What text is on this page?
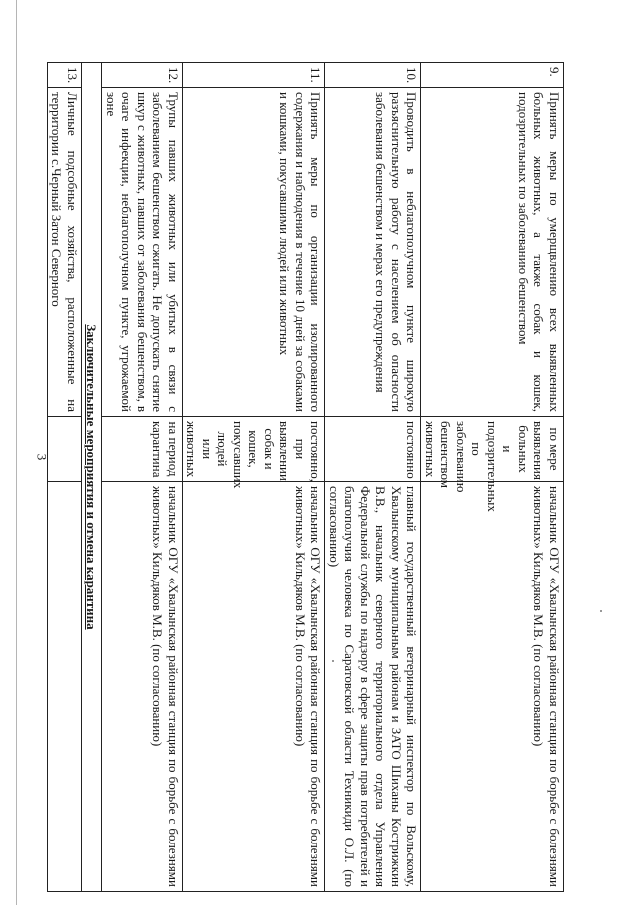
3
9.	Принять меры по умерщвлению всех выявленных больных животных, а также собак и кошек, подозрительных по заболеванию бешенством	по мере выявления больных и подозрительных по заболеванию бешенством животных	начальник ОГУ «Хвалынская районная станция по борьбе с болезнями животных» Кильдяков М.В. (по согласованию)
10.	Проводить в неблагополучном пункте широкую разъяснительную работу с населением об опасности заболевания бешенством и мерах его предупреждения	постоянно	главный государственный ветеринарный инспектор по Вольскому, Хвалынскому муниципальным районам и ЗАТО Шиханы Кострижкин В.В., начальник северного территориального отдела Управления Федеральной службы по надзору в сфере защиты прав потребителей и благополучия человека по Саратовской области Техникиди О.Л. (по согласованию)
11.	Принять меры по организации изолированного содержания и наблюдения в течение 10 дней за собаками и кошками, покусавшими людей или животных	постоянно, при выявлении собак и кошек, покусавших людей или животных	начальник ОГУ «Хвалынская районная станция по борьбе с болезнями животных» Кильдяков М.В. (по согласованию)
12.	Трупы павших животных или убитых в связи с заболеванием бешенством сжигать. Не допускать снятие шкур с животных, павших от заболевания бешенством, в очаге инфекции, неблагополучном пункте, угрожаемой зоне	на период карантина	начальник ОГУ «Хвалынская районная станция по борьбе с болезнями животных» Кильдяков М.В. (по согласованию)
Заключительные мероприятия и отмена карантина			
13.	Личные подсобные хозяйства, расположенные на территории с.Черный Затон Северного		
